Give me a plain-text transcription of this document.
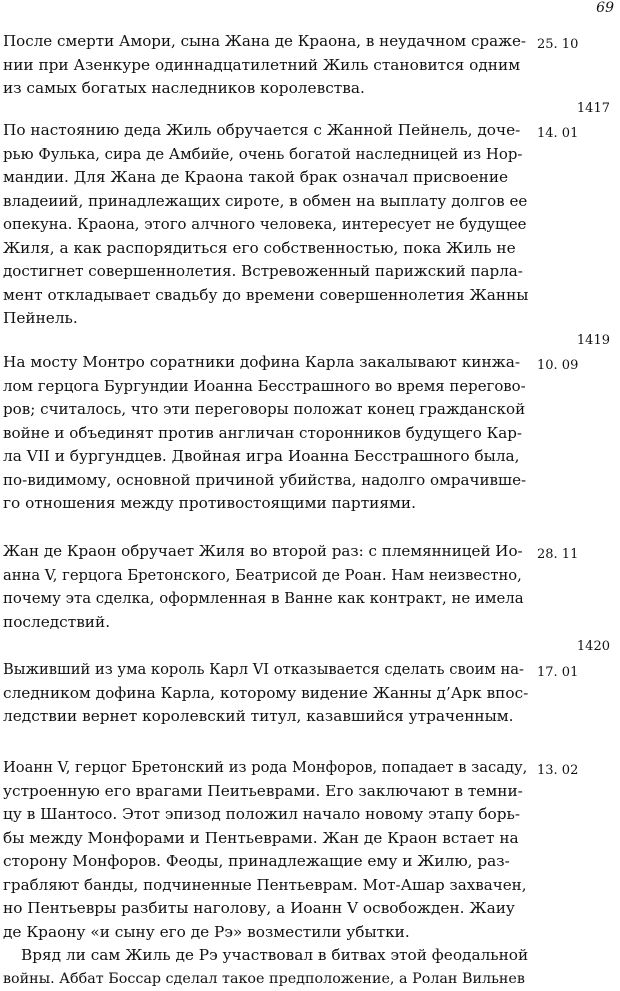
69
25. 10

После смерти Амори, сына Жана де Краона, в неудачном сраже-
нии при Азенкуре одиннадцатилетний Жиль становится одним
из самых богатых наследников королевства.

1417
14. 01

По настоянию деда Жиль обручается с Жанной Пейнель, доче-
рью Фулька, сира де Амбийе, очень богатой наследницей из Нор-
мандии. Для Жана де Краона такой брак означал присвоение
владеиий, принадлежащих сироте, в обмен на выплату долгов ее
опекуна. Краона, этого алчного человека, интересует не будущее
Жиля, а как распорядиться его собственностью, пока Жиль не
достигнет совершеннолетия. Встревоженный парижский парла-
мент откладывает свадьбу до времени совершеннолетия Жанны
Пейнель.

1419
10. 09

На мосту Монтро соратники дофина Карла закалывают кинжа-
лом герцога Бургундии Иоанна Бесстрашного во время перегово-
ров; считалось, что эти переговоры положат конец гражданской
войне и объединят против англичан сторонников будущего Кар-
ла VII и бургундцев. Двойная игра Иоанна Бесстрашного была,
по-видимому, основной причиной убийства, надолго омрачивше-
го отношения между противостоящими партиями.

28. 11

Жан де Краон обручает Жиля во второй раз: с племянницей Ио-
анна V, герцога Бретонского, Беатрисой де Роан. Нам неизвестно,
почему эта сделка, оформленная в Ванне как контракт, не имела
последствий.

1420
17. 01

Выживший из ума король Карл VI отказывается сделать своим на-
следником дофина Карла, которому видение Жанны д’Арк впос-
ледствии вернет королевский титул, казавшийся утраченным.

13. 02

Иоанн V, герцог Бретонский из рода Монфоров, попадает в засаду,
устроенную его врагами Пеитьеврами. Его заключают в темни-
цу в Шантосо. Этот эпизод положил начало новому этапу борь-
бы между Монфорами и Пентьеврами. Жан де Краон встает на
сторону Монфоров. Феоды, принадлежащие ему и Жилю, раз-
грабляют банды, подчиненные Пентьеврам. Мот-Ашар захвачен,
но Пентьевры разбиты наголову, а Иоанн V освобожден. Жаиу
де Краону «и сыну его де Рэ» возместили убытки.
Вряд ли сам Жиль де Рэ участвовал в битвах этой феодальной
войны. Аббат Боссар сделал такое предположение, а Ролан Вильнев
